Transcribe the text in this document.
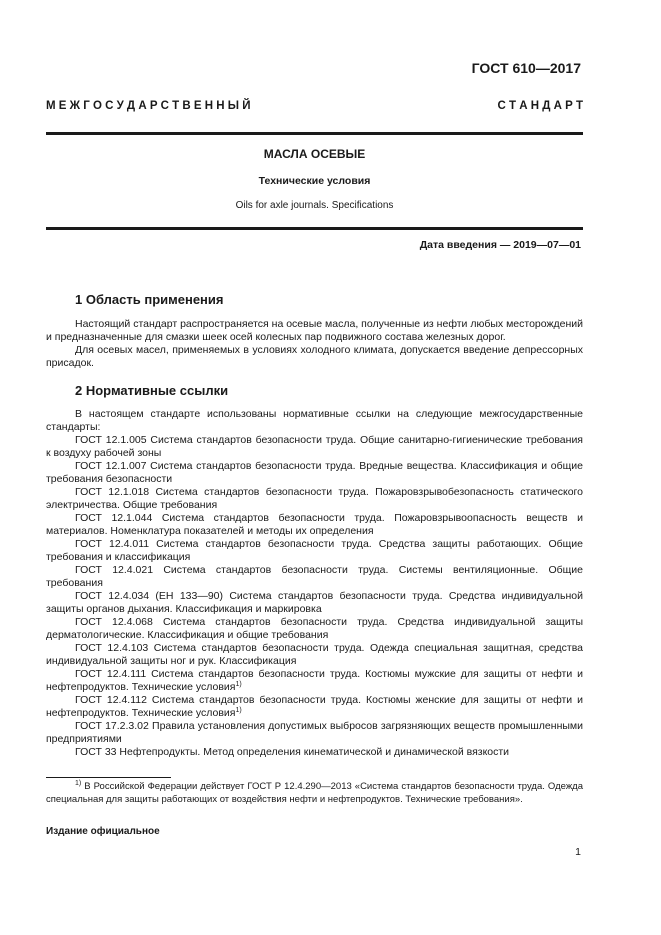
ГОСТ 610—2017
М Е Ж Г О С У Д А Р С Т В Е Н Н Ы Й	С Т А Н Д А Р Т
МАСЛА ОСЕВЫЕ
Технические условия
Oils for axle journals. Specifications
Дата введения — 2019—07—01
1 Область применения

Настоящий стандарт распространяется на осевые масла, полученные из нефти любых месторождений и предназначенные для смазки шеек осей колесных пар подвижного состава железных дорог.

Для осевых масел, применяемых в условиях холодного климата, допускается введение депрессорных присадок.

2 Нормативные ссылки

В настоящем стандарте использованы нормативные ссылки на следующие межгосударственные стандарты:

ГОСТ 12.1.005 Система стандартов безопасности труда. Общие санитарно-гигиенические требования к воздуху рабочей зоны

ГОСТ 12.1.007 Система стандартов безопасности труда. Вредные вещества. Классификация и общие требования безопасности

ГОСТ 12.1.018 Система стандартов безопасности труда. Пожаровзрывобезопасность статического электричества. Общие требования

ГОСТ 12.1.044 Система стандартов безопасности труда. Пожаровзрывоопасность веществ и материалов. Номенклатура показателей и методы их определения

ГОСТ 12.4.011 Система стандартов безопасности труда. Средства защиты работающих. Общие требования и классификация

ГОСТ 12.4.021 Система стандартов безопасности труда. Системы вентиляционные. Общие требования

ГОСТ 12.4.034 (ЕН 133—90) Система стандартов безопасности труда. Средства индивидуальной защиты органов дыхания. Классификация и маркировка

ГОСТ 12.4.068 Система стандартов безопасности труда. Средства индивидуальной защиты дерматологические. Классификация и общие требования

ГОСТ 12.4.103 Система стандартов безопасности труда. Одежда специальная защитная, средства индивидуальной защиты ног и рук. Классификация

ГОСТ 12.4.111 Система стандартов безопасности труда. Костюмы мужские для защиты от нефти и нефтепродуктов. Технические условия$^{1)}$

ГОСТ 12.4.112 Система стандартов безопасности труда. Костюмы женские для защиты от нефти и нефтепродуктов. Технические условия$^{1)}$

ГОСТ 17.2.3.02 Правила установления допустимых выбросов загрязняющих веществ промышленными предприятиями

ГОСТ 33 Нефтепродукты. Метод определения кинематической и динамической вязкости

$^{1)}$ В Российской Федерации действует ГОСТ Р 12.4.290—2013 «Система стандартов безопасности труда. Одежда специальная для защиты работающих от воздействия нефти и нефтепродуктов. Технические требования».

Издание официальное
1
